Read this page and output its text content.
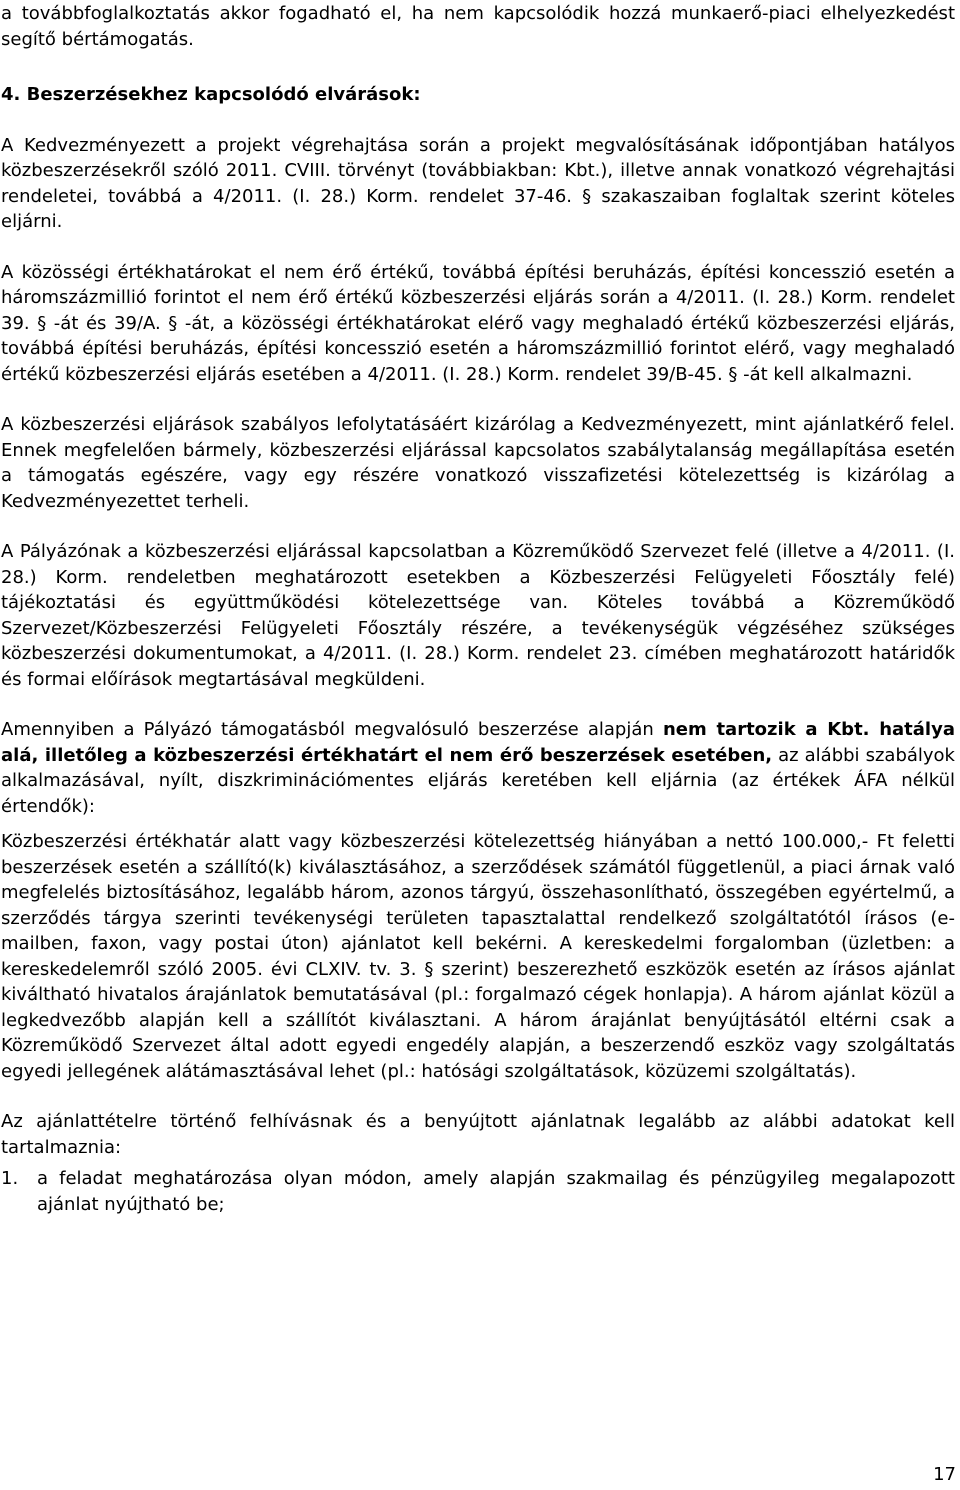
a továbbfoglalkoztatás akkor fogadható el, ha nem kapcsolódik hozzá munkaerő-piaci elhelyezkedést segítő bértámogatás.

4. Beszerzésekhez kapcsolódó elvárások:

A Kedvezményezett a projekt végrehajtása során a projekt megvalósításának időpontjában hatályos közbeszerzésekről szóló 2011. CVIII. törvényt (továbbiakban: Kbt.), illetve annak vonatkozó végrehajtási rendeletei, továbbá a 4/2011. (I. 28.) Korm. rendelet 37-46. § szakaszaiban foglaltak szerint köteles eljárni.

A közösségi értékhatárokat el nem érő értékű, továbbá építési beruházás, építési koncesszió esetén a háromszázmillió forintot el nem érő értékű közbeszerzési eljárás során a 4/2011. (I. 28.) Korm. rendelet 39. § -át és 39/A. § -át, a közösségi értékhatárokat elérő vagy meghaladó értékű közbeszerzési eljárás, továbbá építési beruházás, építési koncesszió esetén a háromszázmillió forintot elérő, vagy meghaladó értékű közbeszerzési eljárás esetében a 4/2011. (I. 28.) Korm. rendelet 39/B-45. § -át kell alkalmazni.

A közbeszerzési eljárások szabályos lefolytatásáért kizárólag a Kedvezményezett, mint ajánlatkérő felel. Ennek megfelelően bármely, közbeszerzési eljárással kapcsolatos szabálytalanság megállapítása esetén a támogatás egészére, vagy egy részére vonatkozó visszafizetési kötelezettség is kizárólag a Kedvezményezettet terheli.

A Pályázónak a közbeszerzési eljárással kapcsolatban a Közreműködő Szervezet felé (illetve a 4/2011. (I. 28.) Korm. rendeletben meghatározott esetekben a Közbeszerzési Felügyeleti Főosztály felé) tájékoztatási és együttműködési kötelezettsége van. Köteles továbbá a Közreműködő Szervezet/Közbeszerzési Felügyeleti Főosztály részére, a tevékenységük végzéséhez szükséges közbeszerzési dokumentumokat, a 4/2011. (I. 28.) Korm. rendelet 23. címében meghatározott határidők és formai előírások megtartásával megküldeni.

Amennyiben a Pályázó támogatásból megvalósuló beszerzése alapján nem tartozik a Kbt. hatálya alá, illetőleg a közbeszerzési értékhatárt el nem érő beszerzések esetében, az alábbi szabályok alkalmazásával, nyílt, diszkriminációmentes eljárás keretében kell eljárnia (az értékek ÁFA nélkül értendők):

Közbeszerzési értékhatár alatt vagy közbeszerzési kötelezettség hiányában a nettó 100.000,- Ft feletti beszerzések esetén a szállító(k) kiválasztásához, a szerződések számától függetlenül, a piaci árnak való megfelelés biztosításához, legalább három, azonos tárgyú, összehasonlítható, összegében egyértelmű, a szerződés tárgya szerinti tevékenységi területen tapasztalattal rendelkező szolgáltatótól írásos (e-mailben, faxon, vagy postai úton) ajánlatot kell bekérni. A kereskedelmi forgalomban (üzletben: a kereskedelemről szóló 2005. évi CLXIV. tv. 3. § szerint) beszerezhető eszközök esetén az írásos ajánlat kiváltható hivatalos árajánlatok bemutatásával (pl.: forgalmazó cégek honlapja). A három ajánlat közül a legkedvezőbb alapján kell a szállítót kiválasztani. A három árajánlat benyújtásától eltérni csak a Közreműködő Szervezet által adott egyedi engedély alapján, a beszerzendő eszköz vagy szolgáltatás egyedi jellegének alátámasztásával lehet (pl.: hatósági szolgáltatások, közüzemi szolgáltatás).

Az ajánlattételre történő felhívásnak és a benyújtott ajánlatnak legalább az alábbi adatokat kell tartalmaznia:

1.	a feladat meghatározása olyan módon, amely alapján szakmailag és pénzügyileg megalapozott ajánlat nyújtható be;
17
